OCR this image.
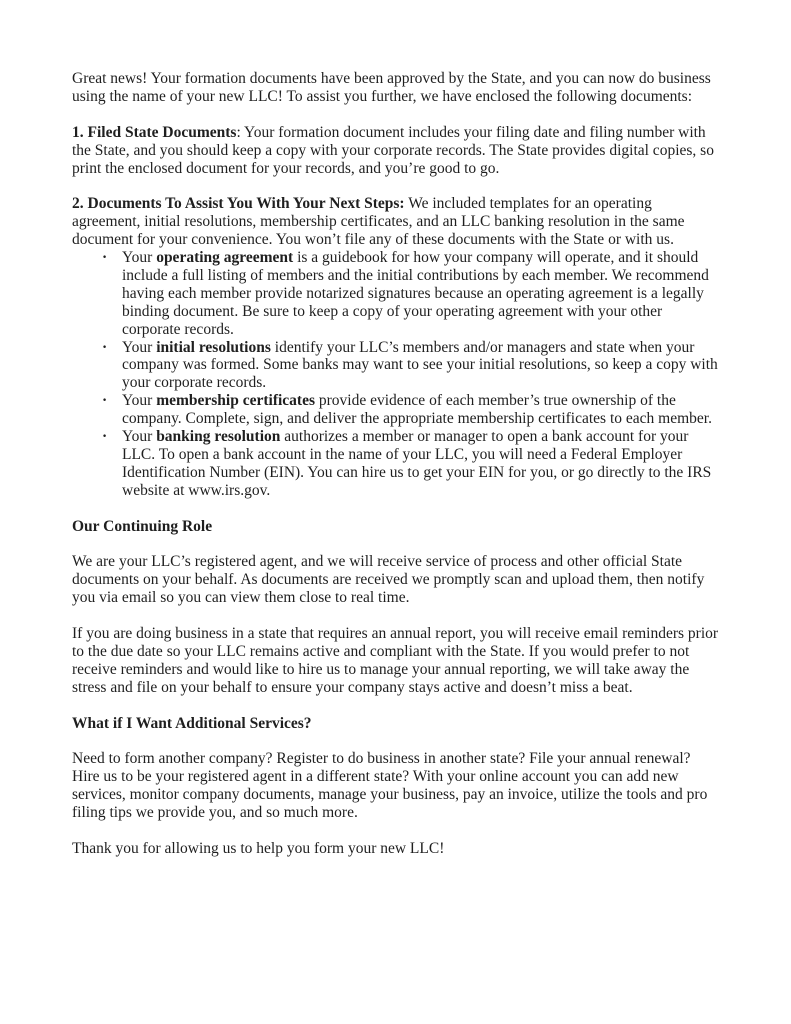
Great news! Your formation documents have been approved by the State, and you can now do business using the name of your new LLC! To assist you further, we have enclosed the following documents:

1. Filed State Documents: Your formation document includes your filing date and filing number with the State, and you should keep a copy with your corporate records. The State provides digital copies, so print the enclosed document for your records, and you’re good to go.

2. Documents To Assist You With Your Next Steps: We included templates for an operating agreement, initial resolutions, membership certificates, and an LLC banking resolution in the same document for your convenience. You won’t file any of these documents with the State or with us.

· Your operating agreement is a guidebook for how your company will operate, and it should include a full listing of members and the initial contributions by each member. We recommend having each member provide notarized signatures because an operating agreement is a legally binding document. Be sure to keep a copy of your operating agreement with your other corporate records.
· Your initial resolutions identify your LLC’s members and/or managers and state when your company was formed. Some banks may want to see your initial resolutions, so keep a copy with your corporate records.
· Your membership certificates provide evidence of each member’s true ownership of the company. Complete, sign, and deliver the appropriate membership certificates to each member.
· Your banking resolution authorizes a member or manager to open a bank account for your LLC. To open a bank account in the name of your LLC, you will need a Federal Employer Identification Number (EIN). You can hire us to get your EIN for you, or go directly to the IRS website at www.irs.gov.

Our Continuing Role

We are your LLC’s registered agent, and we will receive service of process and other official State documents on your behalf. As documents are received we promptly scan and upload them, then notify you via email so you can view them close to real time.

If you are doing business in a state that requires an annual report, you will receive email reminders prior to the due date so your LLC remains active and compliant with the State. If you would prefer to not receive reminders and would like to hire us to manage your annual reporting, we will take away the stress and file on your behalf to ensure your company stays active and doesn’t miss a beat.

What if I Want Additional Services?

Need to form another company? Register to do business in another state? File your annual renewal? Hire us to be your registered agent in a different state? With your online account you can add new services, monitor company documents, manage your business, pay an invoice, utilize the tools and pro filing tips we provide you, and so much more.

Thank you for allowing us to help you form your new LLC!
